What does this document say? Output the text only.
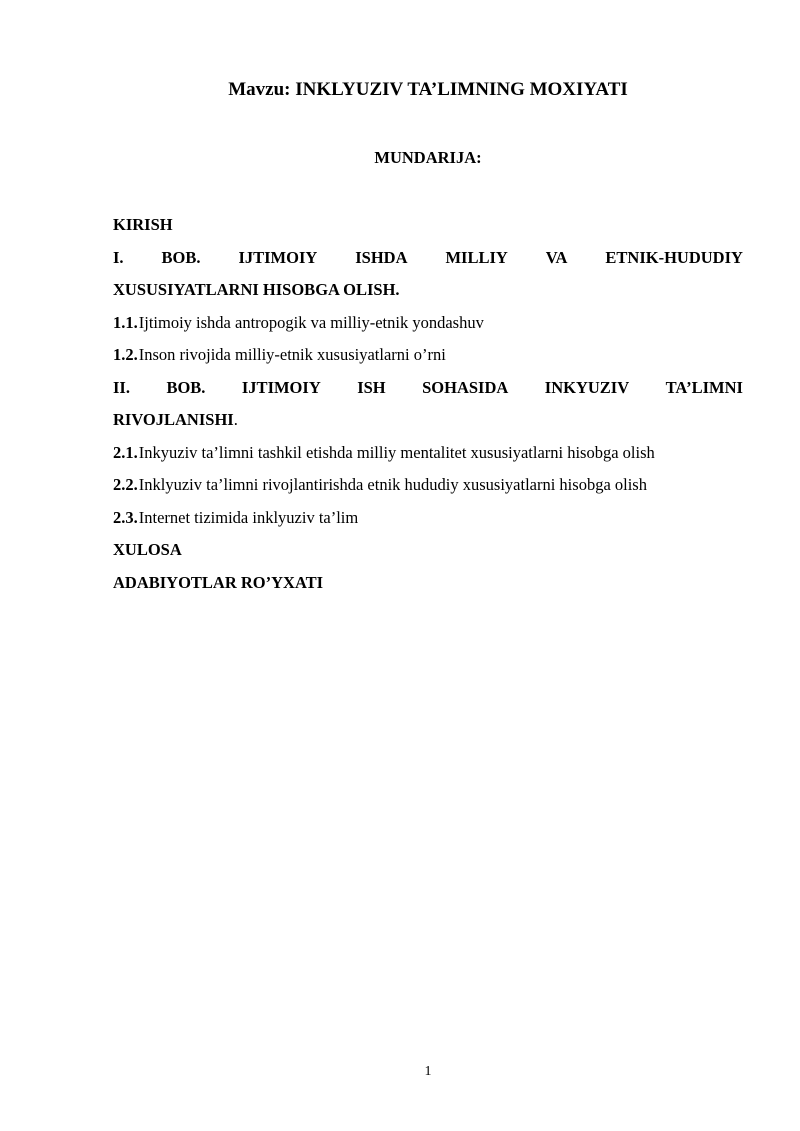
Mavzu: INKLYUZIV TA’LIMNING MOXIYATI
MUNDARIJA:
KIRISH
I. BOB. IJTIMOIY ISHDA MILLIY VA ETNIK-HUDUDIY
XUSUSIYATLARNI HISOBGA OLISH.
1.1. Ijtimoiy ishda antropogik va milliy-etnik yondashuv
1.2. Inson rivojida milliy-etnik xususiyatlarni o’rni
II. BOB. IJTIMOIY ISH SOHASIDA INKYUZIV TA’LIMNI
RIVOJLANISHI.
2.1. Inkyuziv ta’limni tashkil etishda milliy mentalitet xususiyatlarni hisobga olish
2.2. Inklyuziv ta’limni rivojlantirishda etnik hududiy xususiyatlarni hisobga olish
2.3. Internet tizimida inklyuziv ta’lim
XULOSA
ADABIYOTLAR RO’YXATI
1
